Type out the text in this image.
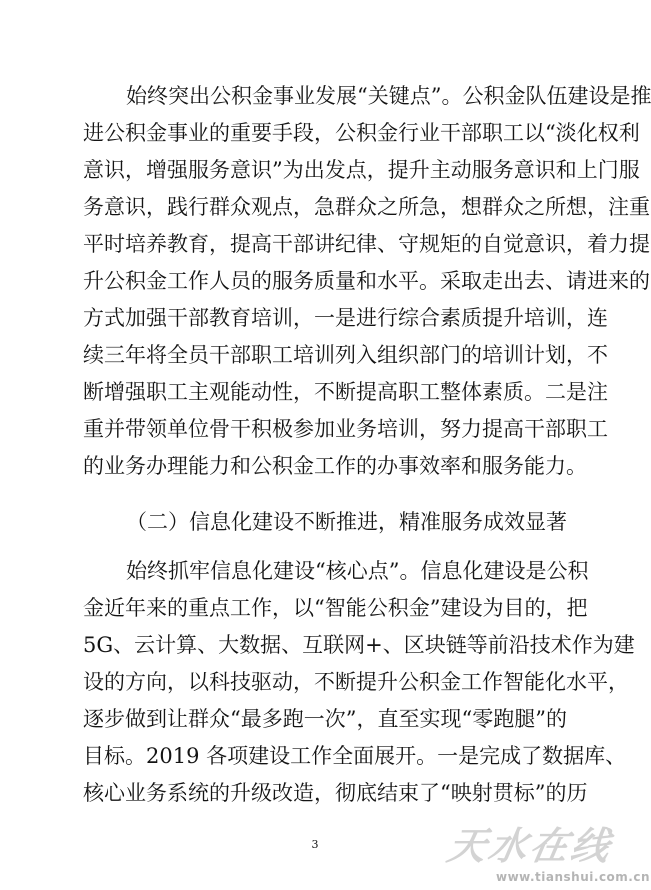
始终突出公积金事业发展“关键点”。公积金队伍建设是推
进公积金事业的重要手段，公积金行业干部职工以“淡化权利
意识，增强服务意识”为出发点，提升主动服务意识和上门服
务意识，践行群众观点，急群众之所急，想群众之所想，注重
平时培养教育，提高干部讲纪律、守规矩的自觉意识，着力提
升公积金工作人员的服务质量和水平。采取走出去、请进来的
方式加强干部教育培训，一是进行综合素质提升培训，连
续三年将全员干部职工培训列入组织部门的培训计划，不
断增强职工主观能动性，不断提高职工整体素质。二是注
重并带领单位骨干积极参加业务培训，努力提高干部职工
的业务办理能力和公积金工作的办事效率和服务能力。
（二）信息化建设不断推进，精准服务成效显著
始终抓牢信息化建设“核心点”。信息化建设是公积
金近年来的重点工作，以“智能公积金”建设为目的，把
5G、云计算、大数据、互联网+、区块链等前沿技术作为建
设的方向，以科技驱动，不断提升公积金工作智能化水平，
逐步做到让群众“最多跑一次”，直至实现“零跑腿”的
目标。2019 各项建设工作全面展开。一是完成了数据库、
核心业务系统的升级改造，彻底结束了“映射贯标”的历
3	天水在线
www.tianshui.com.cn
